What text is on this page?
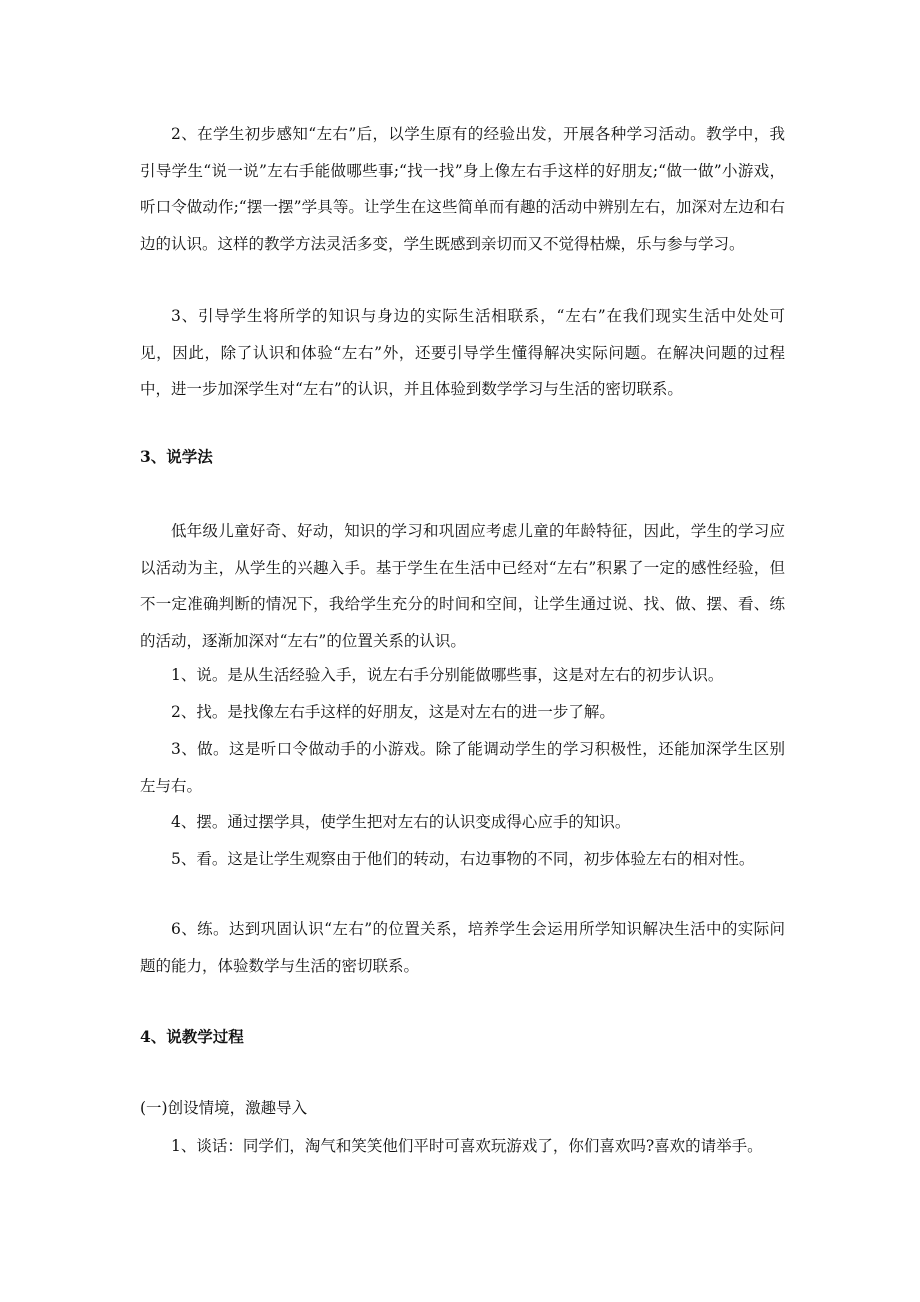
2、在学生初步感知“左右”后，以学生原有的经验出发，开展各种学习活动。教学中，我引导学生“说一说”左右手能做哪些事;“找一找”身上像左右手这样的好朋友;“做一做”小游戏，听口令做动作;“摆一摆”学具等。让学生在这些简单而有趣的活动中辨别左右，加深对左边和右边的认识。这样的教学方法灵活多变，学生既感到亲切而又不觉得枯燥，乐与参与学习。
3、引导学生将所学的知识与身边的实际生活相联系，“左右”在我们现实生活中处处可见，因此，除了认识和体验“左右”外，还要引导学生懂得解决实际问题。在解决问题的过程中，进一步加深学生对“左右”的认识，并且体验到数学学习与生活的密切联系。
3、说学法
低年级儿童好奇、好动，知识的学习和巩固应考虑儿童的年龄特征，因此，学生的学习应以活动为主，从学生的兴趣入手。基于学生在生活中已经对“左右”积累了一定的感性经验，但不一定准确判断的情况下，我给学生充分的时间和空间，让学生通过说、找、做、摆、看、练的活动，逐渐加深对“左右”的位置关系的认识。
1、说。是从生活经验入手，说左右手分别能做哪些事，这是对左右的初步认识。
2、找。是找像左右手这样的好朋友，这是对左右的进一步了解。
3、做。这是听口令做动手的小游戏。除了能调动学生的学习积极性，还能加深学生区别左与右。
4、摆。通过摆学具，使学生把对左右的认识变成得心应手的知识。
5、看。这是让学生观察由于他们的转动，右边事物的不同，初步体验左右的相对性。
6、练。达到巩固认识“左右”的位置关系，培养学生会运用所学知识解决生活中的实际问题的能力，体验数学与生活的密切联系。
4、说教学过程
(一)创设情境，激趣导入
1、谈话：同学们，淘气和笑笑他们平时可喜欢玩游戏了，你们喜欢吗?喜欢的请举手。
